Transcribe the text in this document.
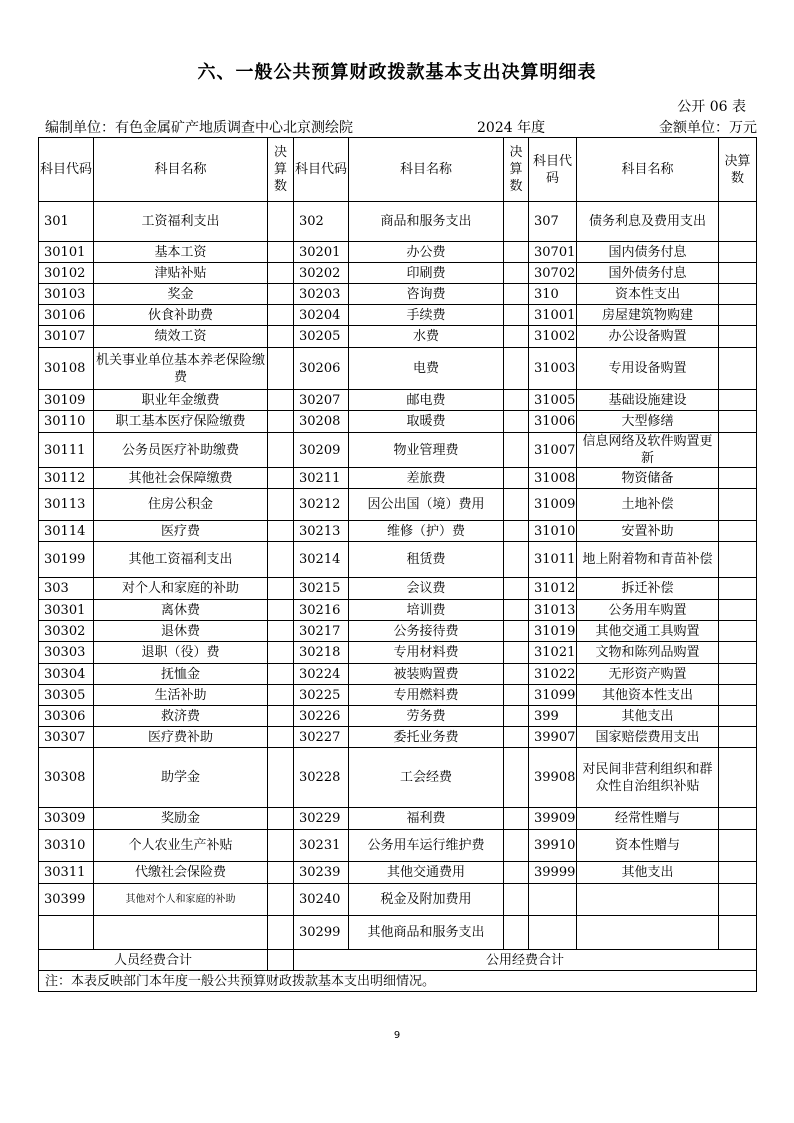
六、一般公共预算财政拨款基本支出决算明细表
公开 06 表
编制单位：有色金属矿产地质调查中心北京测绘院	2024 年度	金额单位：万元
科目代码	科目名称	决算数	科目代码	科目名称	决算数	科目代码	科目名称	决算数
301	工资福利支出		302	商品和服务支出		307	债务利息及费用支出	
30101	基本工资		30201	办公费		30701	国内债务付息	
30102	津贴补贴		30202	印刷费		30702	国外债务付息	
30103	奖金		30203	咨询费		310	资本性支出	
30106	伙食补助费		30204	手续费		31001	房屋建筑物购建	
30107	绩效工资		30205	水费		31002	办公设备购置	
30108	机关事业单位基本养老保险缴费		30206	电费		31003	专用设备购置	
30109	职业年金缴费		30207	邮电费		31005	基础设施建设	
30110	职工基本医疗保险缴费		30208	取暖费		31006	大型修缮	
30111	公务员医疗补助缴费		30209	物业管理费		31007	信息网络及软件购置更新	
30112	其他社会保障缴费		30211	差旅费		31008	物资储备	
30113	住房公积金		30212	因公出国（境）费用		31009	土地补偿	
30114	医疗费		30213	维修（护）费		31010	安置补助	
30199	其他工资福利支出		30214	租赁费		31011	地上附着物和青苗补偿	
303	对个人和家庭的补助		30215	会议费		31012	拆迁补偿	
30301	离休费		30216	培训费		31013	公务用车购置	
30302	退休费		30217	公务接待费		31019	其他交通工具购置	
30303	退职（役）费		30218	专用材料费		31021	文物和陈列品购置	
30304	抚恤金		30224	被装购置费		31022	无形资产购置	
30305	生活补助		30225	专用燃料费		31099	其他资本性支出	
30306	救济费		30226	劳务费		399	其他支出	
30307	医疗费补助		30227	委托业务费		39907	国家赔偿费用支出	
30308	助学金		30228	工会经费		39908	对民间非营利组织和群众性自治组织补贴	
30309	奖励金		30229	福利费		39909	经常性赠与	
30310	个人农业生产补贴		30231	公务用车运行维护费		39910	资本性赠与	
30311	代缴社会保险费		30239	其他交通费用		39999	其他支出	
30399	其他对个人和家庭的补助		30240	税金及附加费用				
			30299	其他商品和服务支出				
人员经费合计			公用经费合计					
注：本表反映部门本年度一般公共预算财政拨款基本支出明细情况。								
9
